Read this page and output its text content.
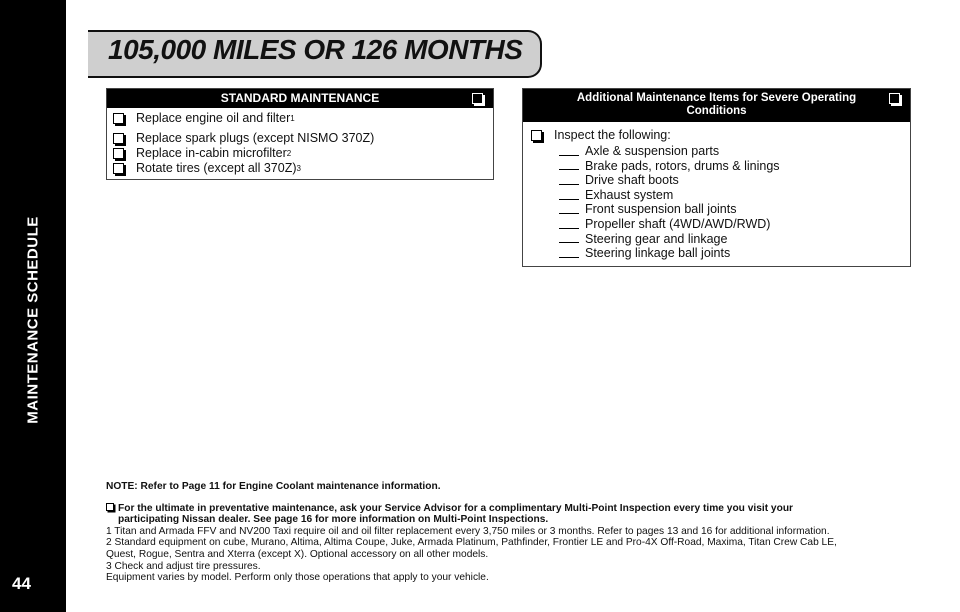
MAINTENANCE SCHEDULE
44
105,000 MILES OR 126 MONTHS
STANDARD MAINTENANCE
Replace engine oil and filter 1
Replace spark plugs (except NISMO 370Z)
Replace in-cabin microfilter 2
Rotate tires (except all 370Z) 3
Additional Maintenance Items for Severe Operating
Conditions
Inspect the following:
Axle & suspension parts
Brake pads, rotors, drums & linings
Drive shaft boots
Exhaust system
Front suspension ball joints
Propeller shaft (4WD/AWD/RWD)
Steering gear and linkage
Steering linkage ball joints

NOTE: Refer to Page 11 for Engine Coolant maintenance information.

For the ultimate in preventative maintenance, ask your Service Advisor for a complimentary Multi-Point Inspection every time you visit your

participating Nissan dealer. See page 16 for more information on Multi-Point Inspections.

1 Titan and Armada FFV and NV200 Taxi require oil and oil filter replacement every 3,750 miles or 3 months. Refer to pages 13 and 16 for additional information.

2 Standard equipment on cube, Murano, Altima, Altima Coupe, Juke, Armada Platinum, Pathfinder, Frontier LE and Pro-4X Off-Road, Maxima, Titan Crew Cab LE,

Quest, Rogue, Sentra and Xterra (except X). Optional accessory on all other models.

3 Check and adjust tire pressures.

Equipment varies by model. Perform only those operations that apply to your vehicle.
